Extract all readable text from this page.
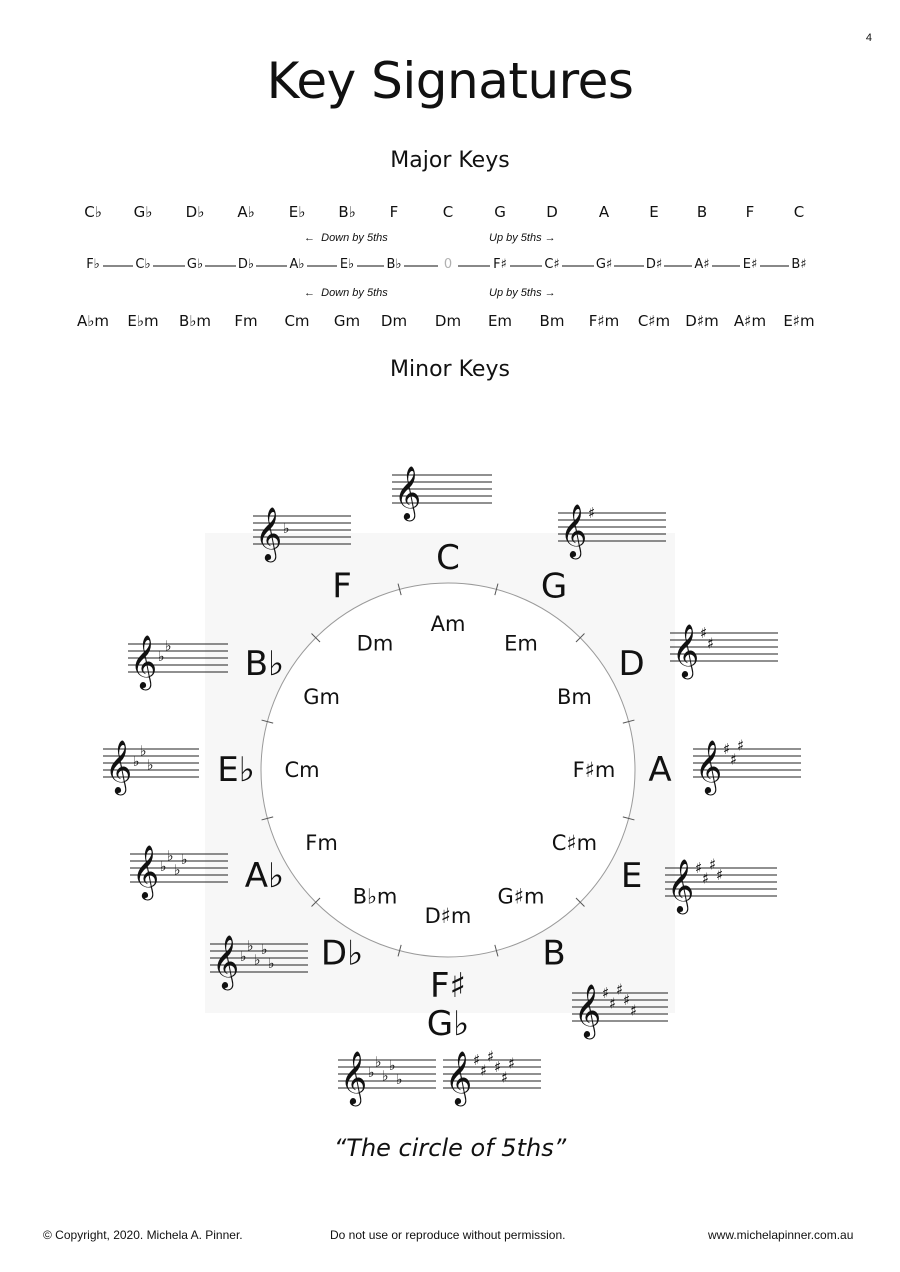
4
Key Signatures
Major Keys
Minor Keys
C♭	G♭	D♭	A♭	E♭	B♭	F	C	G	D	A	E	B	F	C
F♭	C♭	G♭	D♭	A♭	E♭	B♭	0	F♯	C♯	G♯	D♯	A♯	E♯	B♯
A♭m	E♭m	B♭m	Fm	Cm	Gm	Dm	Dm	Em	Bm	F♯m	C♯m	D♯m	A♯m	E♯m
← Down by 5ths	Up by 5ths →
← Down by 5ths	Up by 5ths →
C
G
D
A
E
B
F♯
D♭
A♭
E♭
B♭
F
G♭
Am
Em
Bm
F♯m
C♯m
G♯m
D♯m
B♭m
Fm
Cm
Gm
Dm
𝄞
𝄞 ♯
𝄞 ♯
♯
𝄞 ♯
♯
♯
𝄞 ♯
♯
♯
♯
𝄞 ♯
♯
♯
♯
♯
𝄞 ♯
♯
♯
♯
♯
♯
𝄞 ♭
♭
♭
♭
♭
𝄞 ♭
♭
♭
♭
♭
𝄞 ♭
♭
♭
♭
𝄞 ♭
♭
♭
𝄞 ♭
♭
𝄞 ♭
“The circle of 5ths”
© Copyright, 2020. Michela A. Pinner.	Do not use or reproduce without permission.	www.michelapinner.com.au
